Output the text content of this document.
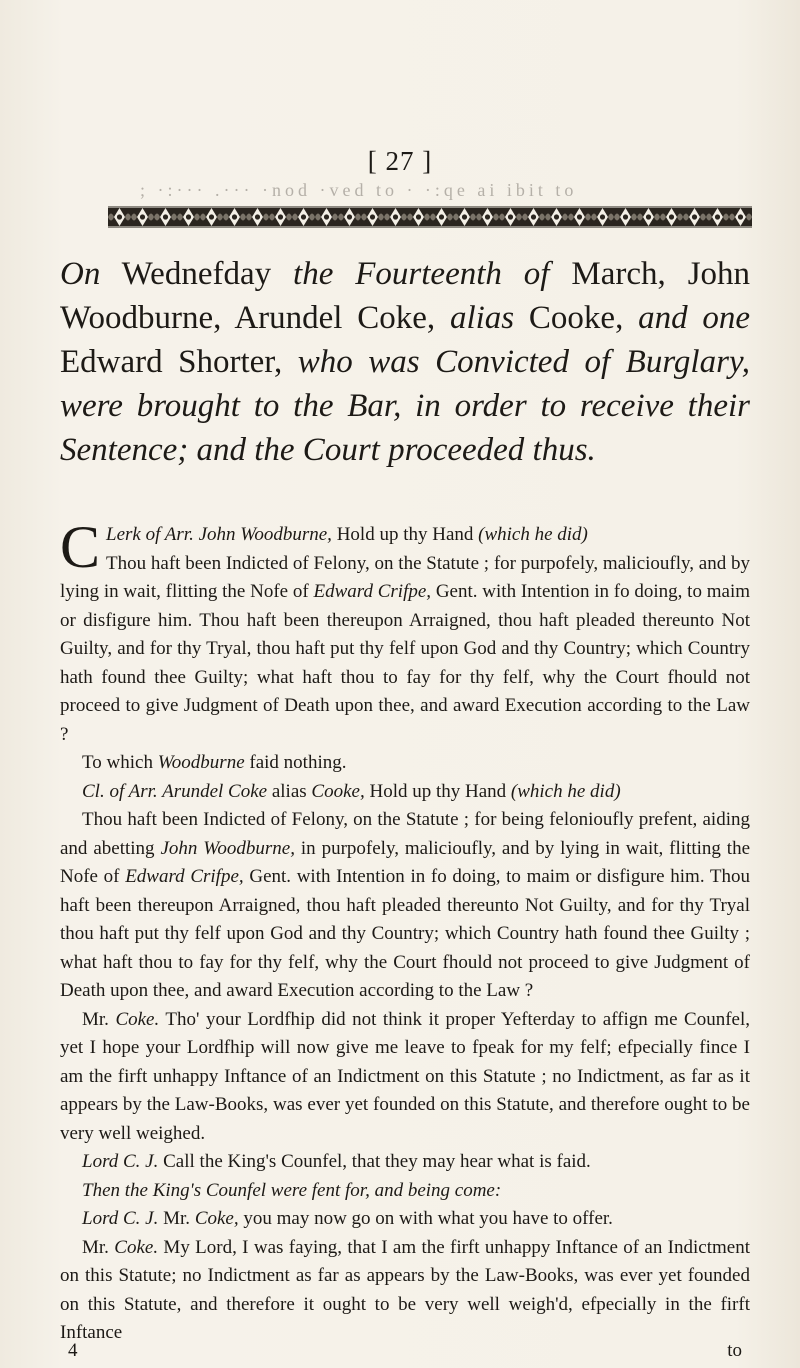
[ 27 ]
; ·:··· .··· ·nod ·ved to · ·:qe ai ibit to
On Wednefday the Fourteenth of March, John Woodburne, Arundel Coke, alias Cooke, and one Edward Shorter, who was Convicted of Burglary, were brought to the Bar, in order to receive their Sentence; and the Court proceeded thus.

C Lerk of Arr. John Woodburne, Hold up thy Hand (which he did)

Thou haft been Indicted of Felony, on the Statute ; for purpofely, malicioufly, and by lying in wait, flitting the Nofe of Edward Crifpe, Gent. with Intention in fo doing, to maim or disfigure him. Thou haft been thereupon Arraigned, thou haft pleaded thereunto Not Guilty, and for thy Tryal, thou haft put thy felf upon God and thy Country; which Country hath found thee Guilty; what haft thou to fay for thy felf, why the Court fhould not proceed to give Judgment of Death upon thee, and award Execution according to the Law ?

To which Woodburne faid nothing.

Cl. of Arr. Arundel Coke alias Cooke, Hold up thy Hand (which he did)

Thou haft been Indicted of Felony, on the Statute ; for being felonioufly prefent, aiding and abetting John Woodburne, in purpofely, malicioufly, and by lying in wait, flitting the Nofe of Edward Crifpe, Gent. with Intention in fo doing, to maim or disfigure him. Thou haft been thereupon Arraigned, thou haft pleaded thereunto Not Guilty, and for thy Tryal thou haft put thy felf upon God and thy Country; which Country hath found thee Guilty ; what haft thou to fay for thy felf, why the Court fhould not proceed to give Judgment of Death upon thee, and award Execution according to the Law ?

Mr. Coke. Tho' your Lordfhip did not think it proper Yefterday to affign me Counfel, yet I hope your Lordfhip will now give me leave to fpeak for my felf; efpecially fince I am the firft unhappy Inftance of an Indictment on this Statute ; no Indictment, as far as it appears by the Law-Books, was ever yet founded on this Statute, and therefore ought to be very well weighed.

Lord C. J. Call the King's Counfel, that they may hear what is faid.

Then the King's Counfel were fent for, and being come:

Lord C. J. Mr. Coke, you may now go on with what you have to offer.

Mr. Coke. My Lord, I was faying, that I am the firft unhappy Inftance of an Indictment on this Statute; no Indictment as far as appears by the Law-Books, was ever yet founded on this Statute, and therefore it ought to be very well weigh'd, efpecially in the firft Inftance

4	to
